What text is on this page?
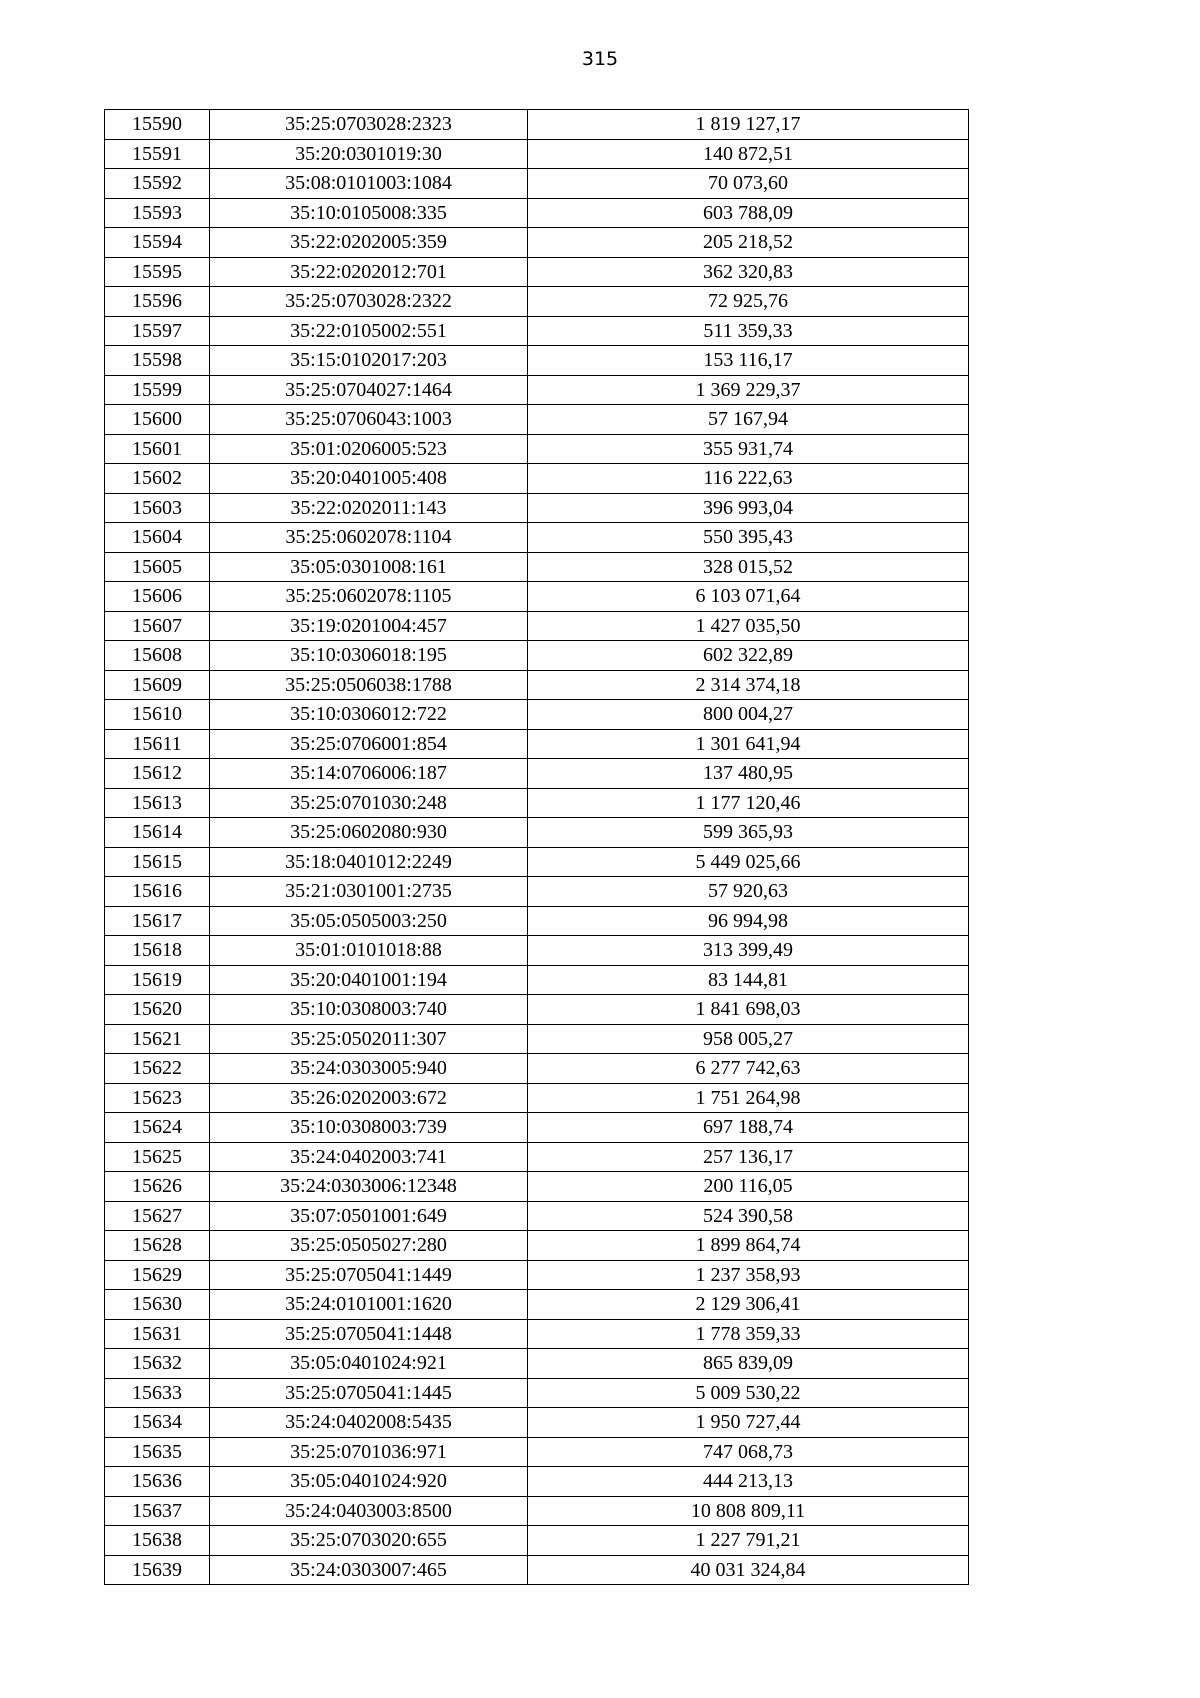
315
15590	35:25:0703028:2323	1 819 127,17
15591	35:20:0301019:30	140 872,51
15592	35:08:0101003:1084	70 073,60
15593	35:10:0105008:335	603 788,09
15594	35:22:0202005:359	205 218,52
15595	35:22:0202012:701	362 320,83
15596	35:25:0703028:2322	72 925,76
15597	35:22:0105002:551	511 359,33
15598	35:15:0102017:203	153 116,17
15599	35:25:0704027:1464	1 369 229,37
15600	35:25:0706043:1003	57 167,94
15601	35:01:0206005:523	355 931,74
15602	35:20:0401005:408	116 222,63
15603	35:22:0202011:143	396 993,04
15604	35:25:0602078:1104	550 395,43
15605	35:05:0301008:161	328 015,52
15606	35:25:0602078:1105	6 103 071,64
15607	35:19:0201004:457	1 427 035,50
15608	35:10:0306018:195	602 322,89
15609	35:25:0506038:1788	2 314 374,18
15610	35:10:0306012:722	800 004,27
15611	35:25:0706001:854	1 301 641,94
15612	35:14:0706006:187	137 480,95
15613	35:25:0701030:248	1 177 120,46
15614	35:25:0602080:930	599 365,93
15615	35:18:0401012:2249	5 449 025,66
15616	35:21:0301001:2735	57 920,63
15617	35:05:0505003:250	96 994,98
15618	35:01:0101018:88	313 399,49
15619	35:20:0401001:194	83 144,81
15620	35:10:0308003:740	1 841 698,03
15621	35:25:0502011:307	958 005,27
15622	35:24:0303005:940	6 277 742,63
15623	35:26:0202003:672	1 751 264,98
15624	35:10:0308003:739	697 188,74
15625	35:24:0402003:741	257 136,17
15626	35:24:0303006:12348	200 116,05
15627	35:07:0501001:649	524 390,58
15628	35:25:0505027:280	1 899 864,74
15629	35:25:0705041:1449	1 237 358,93
15630	35:24:0101001:1620	2 129 306,41
15631	35:25:0705041:1448	1 778 359,33
15632	35:05:0401024:921	865 839,09
15633	35:25:0705041:1445	5 009 530,22
15634	35:24:0402008:5435	1 950 727,44
15635	35:25:0701036:971	747 068,73
15636	35:05:0401024:920	444 213,13
15637	35:24:0403003:8500	10 808 809,11
15638	35:25:0703020:655	1 227 791,21
15639	35:24:0303007:465	40 031 324,84
